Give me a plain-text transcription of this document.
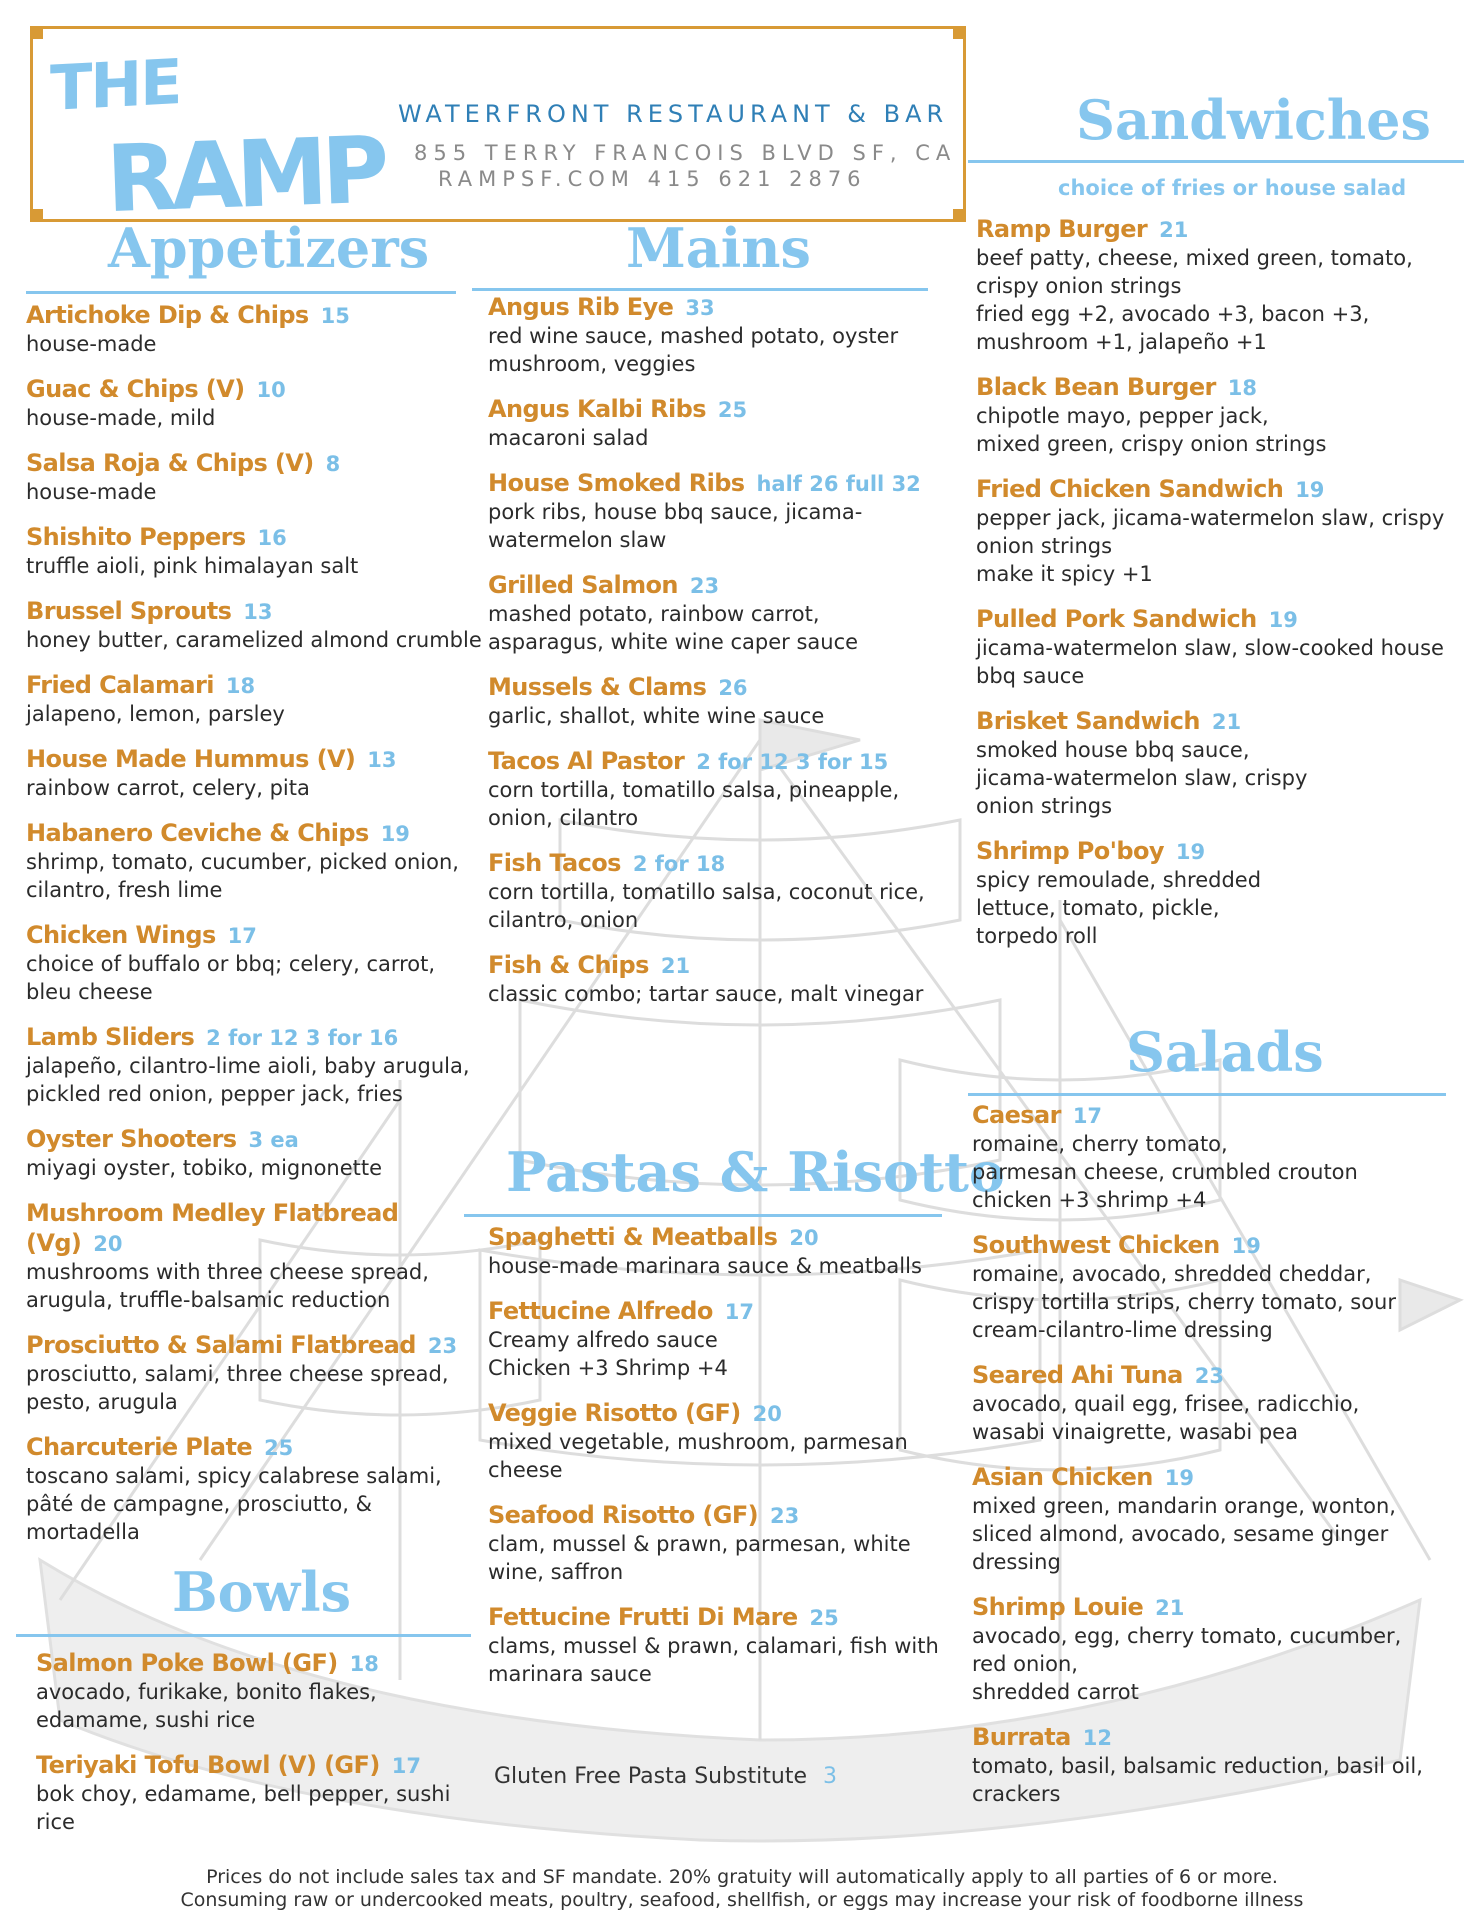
THE
RAMP
WATERFRONT RESTAURANT & BAR
855 TERRY FRANCOIS BLVD SF, CA
RAMPSF.COM 415 621 2876
Appetizers
Artichoke Dip & Chips 15
house-made
Guac & Chips (V) 10
house-made, mild
Salsa Roja & Chips (V) 8
house-made
Shishito Peppers 16
truffle aioli, pink himalayan salt
Brussel Sprouts 13
honey butter, caramelized almond crumble
Fried Calamari 18
jalapeno, lemon, parsley
House Made Hummus (V) 13
rainbow carrot, celery, pita
Habanero Ceviche & Chips 19
shrimp, tomato, cucumber, picked onion, cilantro, fresh lime
Chicken Wings 17
choice of buffalo or bbq; celery, carrot, bleu cheese
Lamb Sliders 2 for 12 3 for 16
jalapeño, cilantro-lime aioli, baby arugula, pickled red onion, pepper jack, fries
Oyster Shooters 3 ea
miyagi oyster, tobiko, mignonette
Mushroom Medley Flatbread (Vg) 20
mushrooms with three cheese spread, arugula, truffle-balsamic reduction
Prosciutto & Salami Flatbread 23
prosciutto, salami, three cheese spread, pesto, arugula
Charcuterie Plate 25
toscano salami, spicy calabrese salami, pâté de campagne, prosciutto, & mortadella
Bowls
Salmon Poke Bowl (GF) 18
avocado, furikake, bonito flakes, edamame, sushi rice
Teriyaki Tofu Bowl (V) (GF) 17
bok choy, edamame, bell pepper, sushi rice
Mains
Angus Rib Eye 33
red wine sauce, mashed potato, oyster mushroom, veggies
Angus Kalbi Ribs 25
macaroni salad
House Smoked Ribs half 26 full 32
pork ribs, house bbq sauce, jicama-watermelon slaw
Grilled Salmon 23
mashed potato, rainbow carrot, asparagus, white wine caper sauce
Mussels & Clams 26
garlic, shallot, white wine sauce
Tacos Al Pastor 2 for 12 3 for 15
corn tortilla, tomatillo salsa, pineapple, onion, cilantro
Fish Tacos 2 for 18
corn tortilla, tomatillo salsa, coconut rice, cilantro, onion
Fish & Chips 21
classic combo; tartar sauce, malt vinegar
Pastas & Risotto
Spaghetti & Meatballs 20
house-made marinara sauce & meatballs
Fettucine Alfredo 17
Creamy alfredo sauce
Chicken +3 Shrimp +4
Veggie Risotto (GF) 20
mixed vegetable, mushroom, parmesan cheese
Seafood Risotto (GF) 23
clam, mussel & prawn, parmesan, white wine, saffron
Fettucine Frutti Di Mare 25
clams, mussel & prawn, calamari, fish with marinara sauce
Gluten Free Pasta Substitute 3
Sandwiches
choice of fries or house salad
Ramp Burger 21
beef patty, cheese, mixed green, tomato, crispy onion strings
fried egg +2, avocado +3, bacon +3, mushroom +1, jalapeño +1
Black Bean Burger 18
chipotle mayo, pepper jack,
mixed green, crispy onion strings
Fried Chicken Sandwich 19
pepper jack, jicama-watermelon slaw, crispy onion strings
make it spicy +1
Pulled Pork Sandwich 19
jicama-watermelon slaw, slow-cooked house bbq sauce
Brisket Sandwich 21
smoked house bbq sauce,
jicama-watermelon slaw, crispy
onion strings
Shrimp Po'boy 19
spicy remoulade, shredded
lettuce, tomato, pickle,
torpedo roll
Salads
Caesar 17
romaine, cherry tomato,
parmesan cheese, crumbled crouton
chicken +3 shrimp +4
Southwest Chicken 19
romaine, avocado, shredded cheddar, crispy tortilla strips, cherry tomato, sour cream-cilantro-lime dressing
Seared Ahi Tuna 23
avocado, quail egg, frisee, radicchio, wasabi vinaigrette, wasabi pea
Asian Chicken 19
mixed green, mandarin orange, wonton, sliced almond, avocado, sesame ginger dressing
Shrimp Louie 21
avocado, egg, cherry tomato, cucumber, red onion,
shredded carrot
Burrata 12
tomato, basil, balsamic reduction, basil oil, crackers
Prices do not include sales tax and SF mandate. 20% gratuity will automatically apply to all parties of 6 or more.
Consuming raw or undercooked meats, poultry, seafood, shellfish, or eggs may increase your risk of foodborne illness
